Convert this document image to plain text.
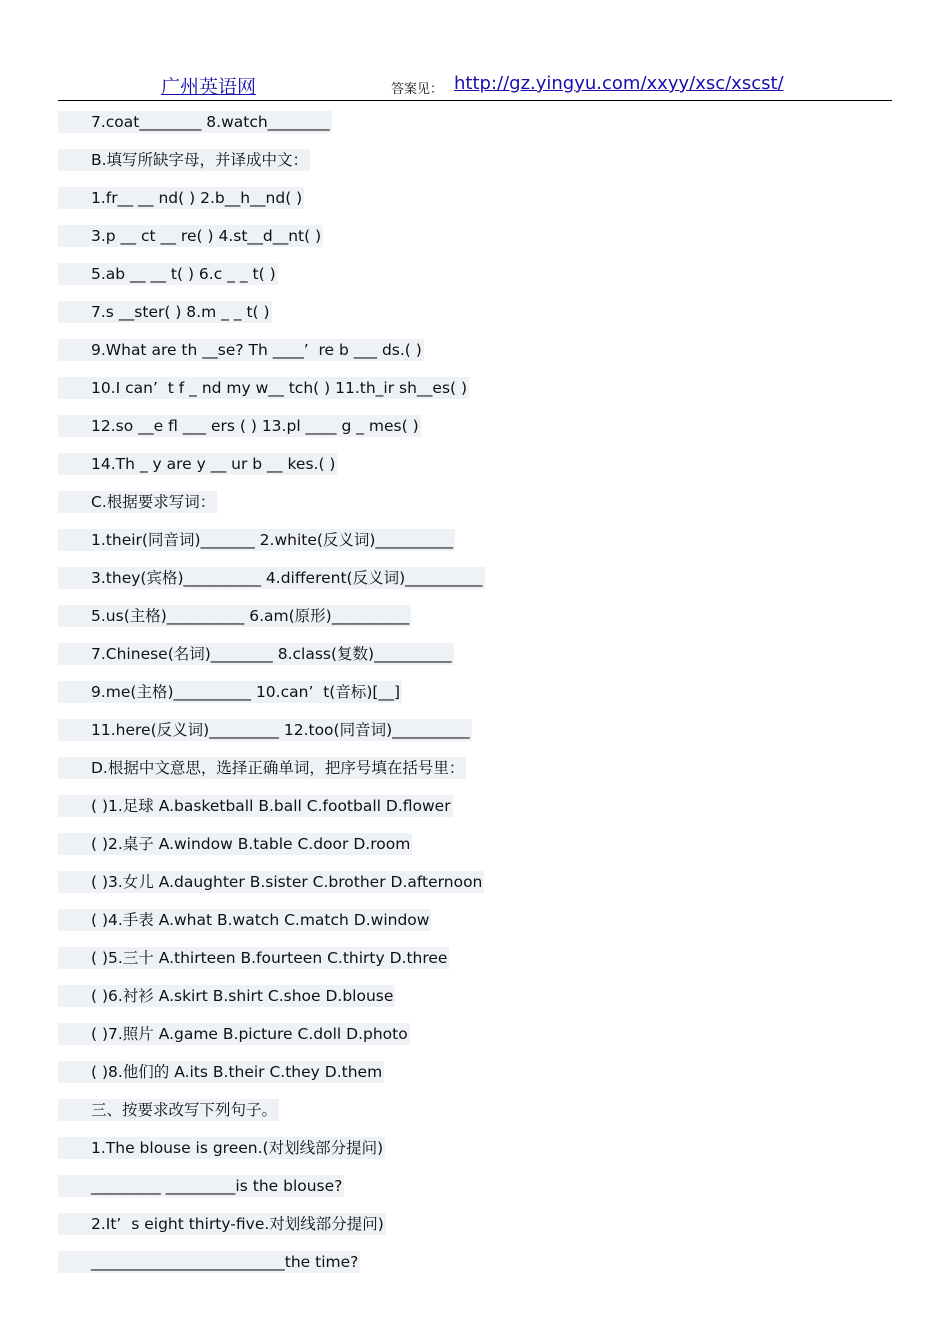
广州英语网	答案见： http://gz.yingyu.com/xxyy/xsc/xscst/
7.coat________ 8.watch________
B.填写所缺字母，并译成中文：
1.fr__ __ nd( ) 2.b__h__nd( )
3.p __ ct __ re( ) 4.st__d__nt( )
5.ab __ __ t( ) 6.c _ _ t( )
7.s __ster( ) 8.m _ _ t( )
9.What are th __se? Th ____’  re b ___ ds.( )
10.I can’  t f _ nd my w__ tch( ) 11.th_ir sh__es( )
12.so __e fl ___ ers ( ) 13.pl ____ g _ mes( )
14.Th _ y are y __ ur b __ kes.( )
C.根据要求写词：
1.their(同音词)_______ 2.white(反义词)__________
3.they(宾格)__________ 4.different(反义词)__________
5.us(主格)__________ 6.am(原形)__________
7.Chinese(名词)________ 8.class(复数)__________
9.me(主格)__________ 10.can’  t(音标)[__]
11.here(反义词)_________ 12.too(同音词)__________
D.根据中文意思，选择正确单词，把序号填在括号里：
( )1.足球 A.basketball B.ball C.football D.flower
( )2.桌子 A.window B.table C.door D.room
( )3.女儿 A.daughter B.sister C.brother D.afternoon
( )4.手表 A.what B.watch C.match D.window
( )5.三十 A.thirteen B.fourteen C.thirty D.three
( )6.衬衫 A.skirt B.shirt C.shoe D.blouse
( )7.照片 A.game B.picture C.doll D.photo
( )8.他们的 A.its B.their C.they D.them
三、按要求改写下列句子。
1.The blouse is green.(对划线部分提问)
_________ _________is the blouse?
2.It’  s eight thirty-five.对划线部分提问)
_________________________the time?
